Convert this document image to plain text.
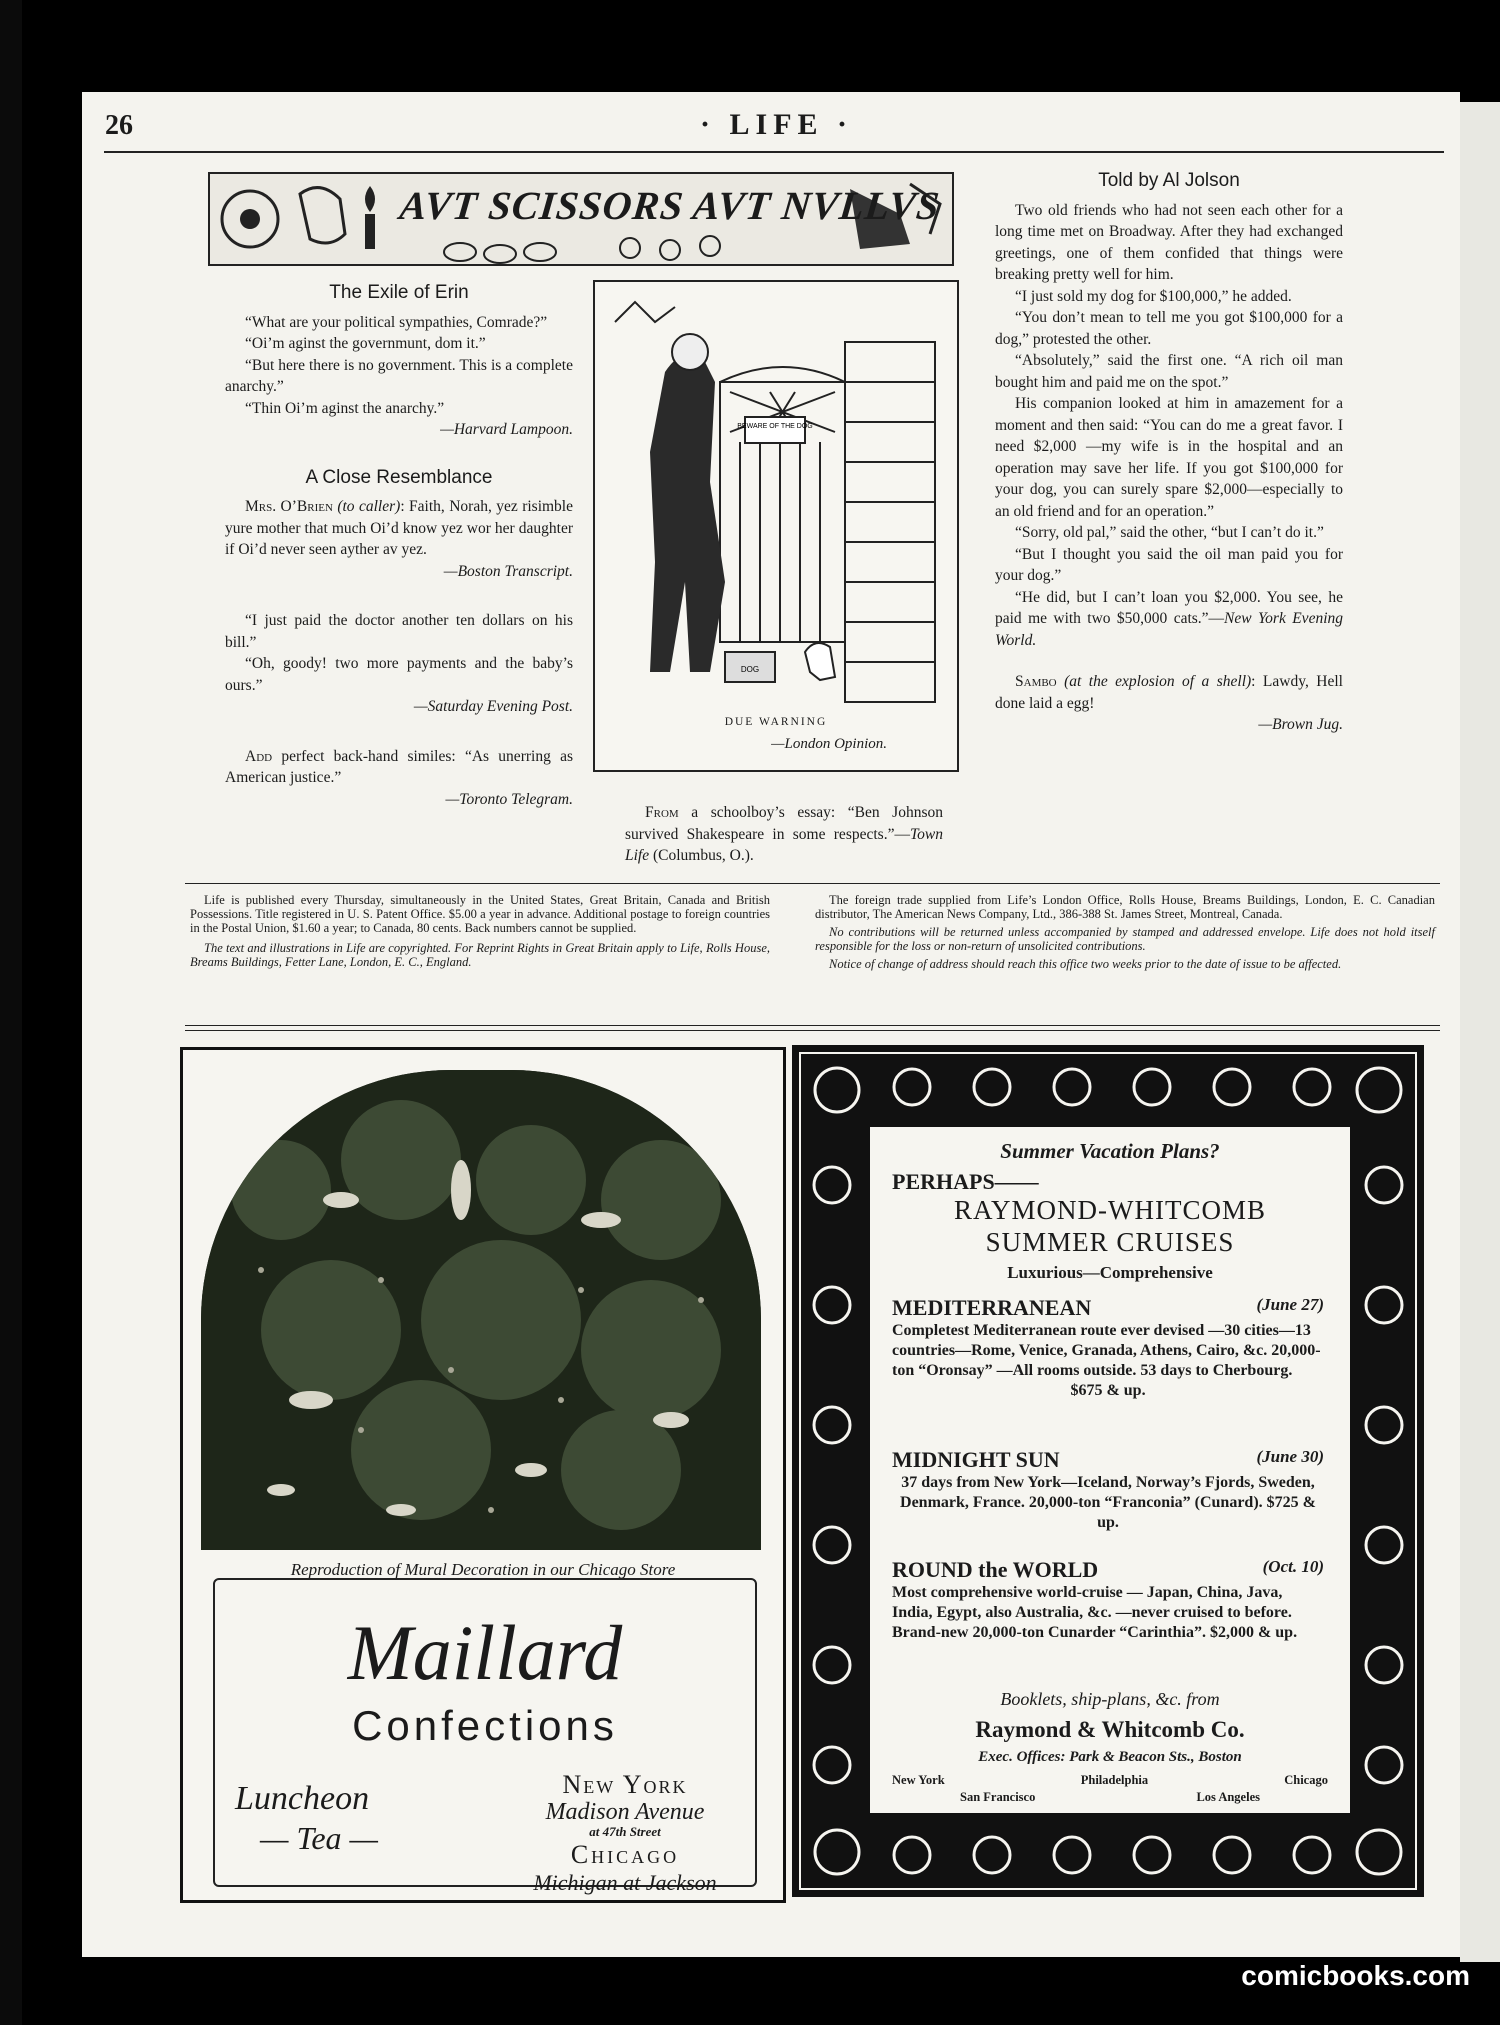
26	· LIFE ·
AVT SCISSORS AVT NVLLVS
The Exile of Erin

“What are your political sympathies, Comrade?”

“Oi’m aginst the governmunt, dom it.”

“But here there is no government. This is a complete anarchy.”

“Thin Oi’m aginst the anarchy.”

—Harvard Lampoon.

A Close Resemblance

Mrs. O’Brien (to caller): Faith, Norah, yez risimble yure mother that much Oi’d know yez wor her daughter if Oi’d never seen ayther av yez.

—Boston Transcript.

“I just paid the doctor another ten dollars on his bill.”

“Oh, goody! two more payments and the baby’s ours.”

—Saturday Evening Post.

Add perfect back-hand similes: “As unerring as American justice.”

—Toronto Telegram.

BEWARE OF THE DOG
DOG
DUE WARNING
—London Opinion.

From a schoolboy’s essay: “Ben Johnson survived Shakespeare in some respects.”—Town Life (Columbus, O.).

Told by Al Jolson

Two old friends who had not seen each other for a long time met on Broadway. After they had exchanged greetings, one of them confided that things were breaking pretty well for him.

“I just sold my dog for $100,000,” he added.

“You don’t mean to tell me you got $100,000 for a dog,” protested the other.

“Absolutely,” said the first one. “A rich oil man bought him and paid me on the spot.”

His companion looked at him in amazement for a moment and then said: “You can do me a great favor. I need $2,000 —my wife is in the hospital and an operation may save her life. If you got $100,000 for your dog, you can surely spare $2,000—especially to an old friend and for an operation.”

“Sorry, old pal,” said the other, “but I can’t do it.”

“But I thought you said the oil man paid you for your dog.”

“He did, but I can’t loan you $2,000. You see, he paid me with two $50,000 cats.”—New York Evening World.

Sambo (at the explosion of a shell): Lawdy, Hell done laid a egg!

—Brown Jug.

Life is published every Thursday, simultaneously in the United States, Great Britain, Canada and British Possessions. Title registered in U. S. Patent Office. $5.00 a year in advance. Additional postage to foreign countries in the Postal Union, $1.60 a year; to Canada, 80 cents. Back numbers cannot be supplied.

The text and illustrations in Life are copyrighted. For Reprint Rights in Great Britain apply to Life, Rolls House, Breams Buildings, Fetter Lane, London, E. C., England.

The foreign trade supplied from Life’s London Office, Rolls House, Breams Buildings, London, E. C. Canadian distributor, The American News Company, Ltd., 386-388 St. James Street, Montreal, Canada.

No contributions will be returned unless accompanied by stamped and addressed envelope. Life does not hold itself responsible for the loss or non-return of unsolicited contributions.

Notice of change of address should reach this office two weeks prior to the date of issue to be affected.

Reproduction of Mural Decoration in our Chicago Store
Maillard
Confections
Luncheon
— Tea —
New York
Madison Avenue
at 47th Street
Chicago
Michigan at Jackson
Summer Vacation Plans?
PERHAPS——
RAYMOND-WHITCOMB
SUMMER CRUISES
Luxurious—Comprehensive
MEDITERRANEAN	(June 27)
Completest Mediterranean route ever devised —30 cities—13 countries—Rome, Venice, Granada, Athens, Cairo, &c. 20,000-ton “Oronsay” —All rooms outside. 53 days to Cherbourg.
$675 & up.
MIDNIGHT SUN	(June 30)
37 days from New York—Iceland, Norway’s Fjords, Sweden, Denmark, France. 20,000-ton “Franconia” (Cunard). $725 & up.
ROUND the WORLD	(Oct. 10)
Most comprehensive world-cruise — Japan, China, Java, India, Egypt, also Australia, &c. —never cruised to before. Brand-new 20,000-ton Cunarder “Carinthia”. $2,000 & up.
Booklets, ship-plans, &c. from
Raymond & Whitcomb Co.
Exec. Offices: Park & Beacon Sts., Boston
New York	Philadelphia	Chicago
San Francisco	Los Angeles
comicbooks.com
